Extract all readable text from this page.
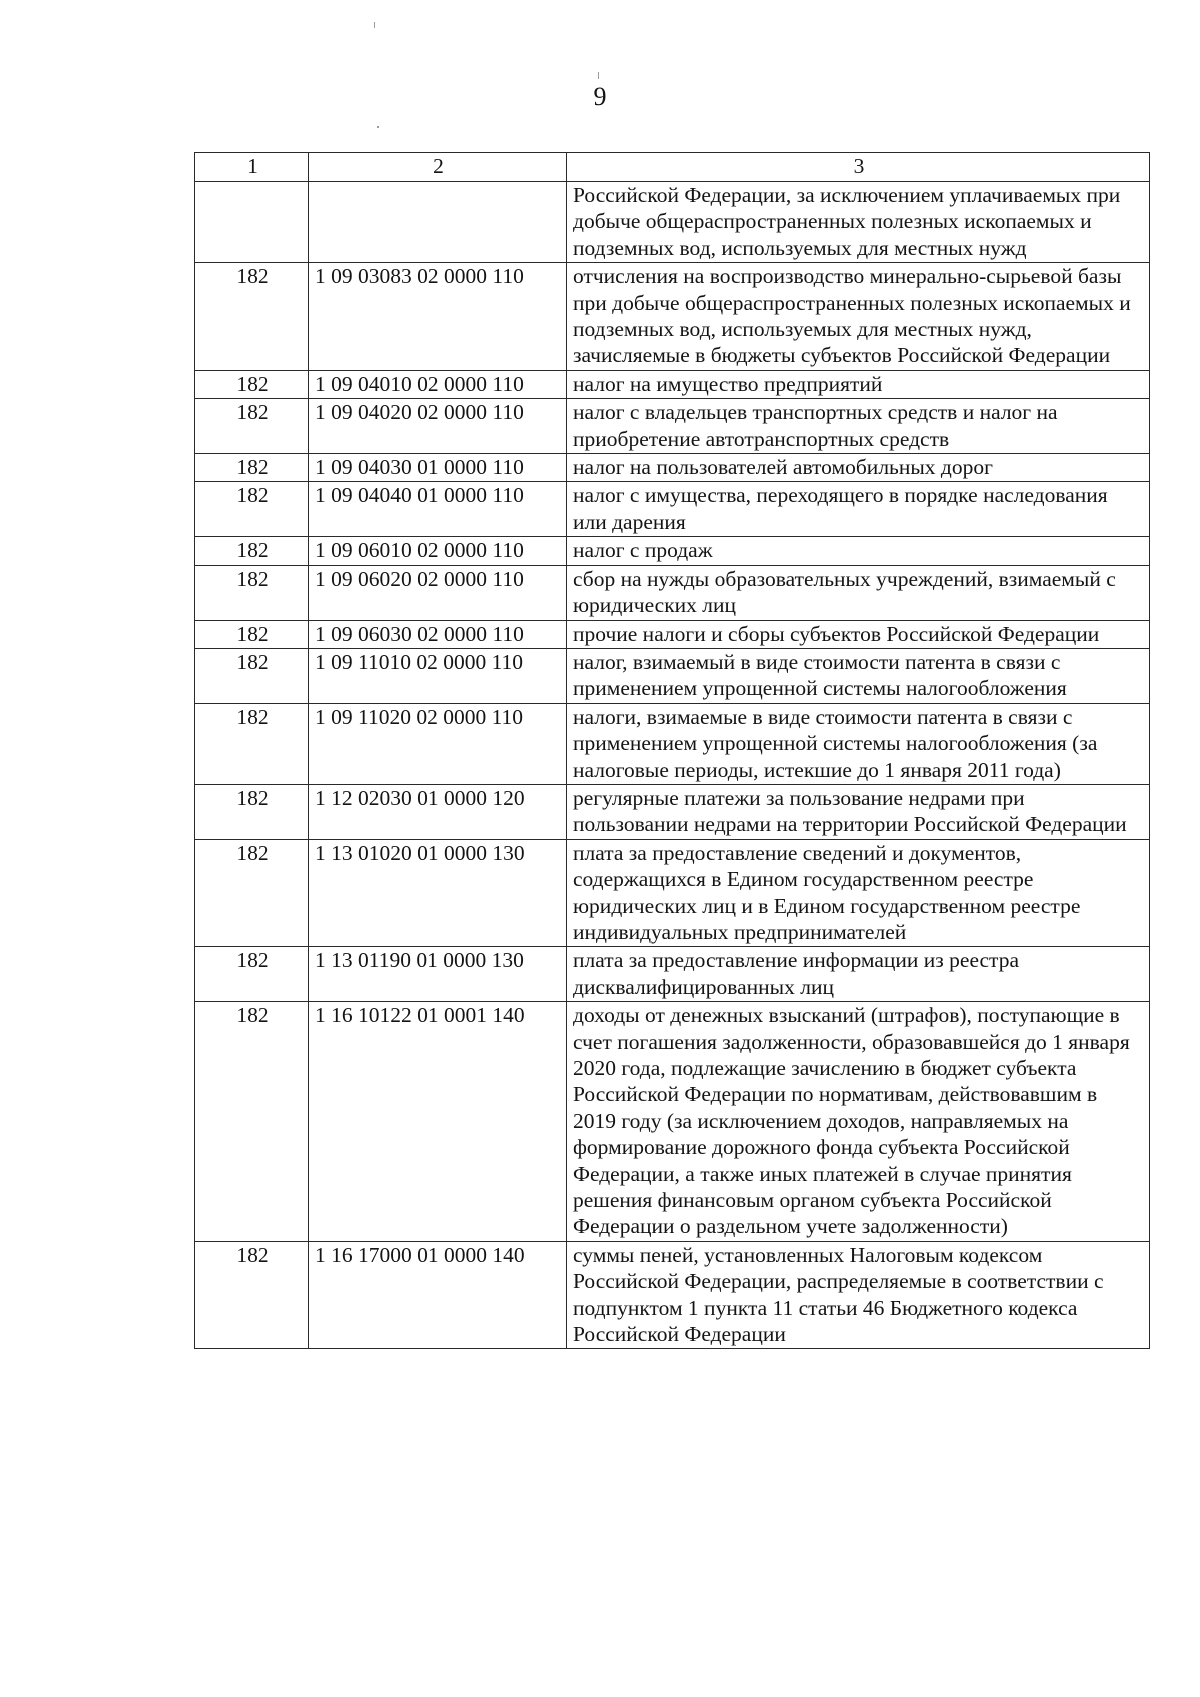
9
1	2	3
		Российской Федерации, за исключением уплачиваемых при добыче общераспространенных полезных ископаемых и подземных вод, используемых для местных нужд
182	1 09 03083 02 0000 110	отчисления на воспроизводство минерально-сырьевой базы при добыче общераспространенных полезных ископаемых и подземных вод, используемых для местных нужд, зачисляемые в бюджеты субъектов Российской Федерации
182	1 09 04010 02 0000 110	налог на имущество предприятий
182	1 09 04020 02 0000 110	налог с владельцев транспортных средств и налог на приобретение автотранспортных средств
182	1 09 04030 01 0000 110	налог на пользователей автомобильных дорог
182	1 09 04040 01 0000 110	налог с имущества, переходящего в порядке наследования или дарения
182	1 09 06010 02 0000 110	налог с продаж
182	1 09 06020 02 0000 110	сбор на нужды образовательных учреждений, взимаемый с юридических лиц
182	1 09 06030 02 0000 110	прочие налоги и сборы субъектов Российской Федерации
182	1 09 11010 02 0000 110	налог, взимаемый в виде стоимости патента в связи с применением упрощенной системы налогообложения
182	1 09 11020 02 0000 110	налоги, взимаемые в виде стоимости патента в связи с применением упрощенной системы налогообложения (за налоговые периоды, истекшие до 1 января 2011 года)
182	1 12 02030 01 0000 120	регулярные платежи за пользование недрами при пользовании недрами на территории Российской Федерации
182	1 13 01020 01 0000 130	плата за предоставление сведений и документов, содержащихся в Едином государственном реестре юридических лиц и в Едином государственном реестре индивидуальных предпринимателей
182	1 13 01190 01 0000 130	плата за предоставление информации из реестра дисквалифицированных лиц
182	1 16 10122 01 0001 140	доходы от денежных взысканий (штрафов), поступающие в счет погашения задолженности, образовавшейся до 1 января 2020 года, подлежащие зачислению в бюджет субъекта Российской Федерации по нормативам, действовавшим в 2019 году (за исключением доходов, направляемых на формирование дорожного фонда субъекта Российской Федерации, а также иных платежей в случае принятия решения финансовым органом субъекта Российской Федерации о раздельном учете задолженности)
182	1 16 17000 01 0000 140	суммы пеней, установленных Налоговым кодексом Российской Федерации, распределяемые в соответствии с подпунктом 1 пункта 11 статьи 46 Бюджетного кодекса Российской Федерации
